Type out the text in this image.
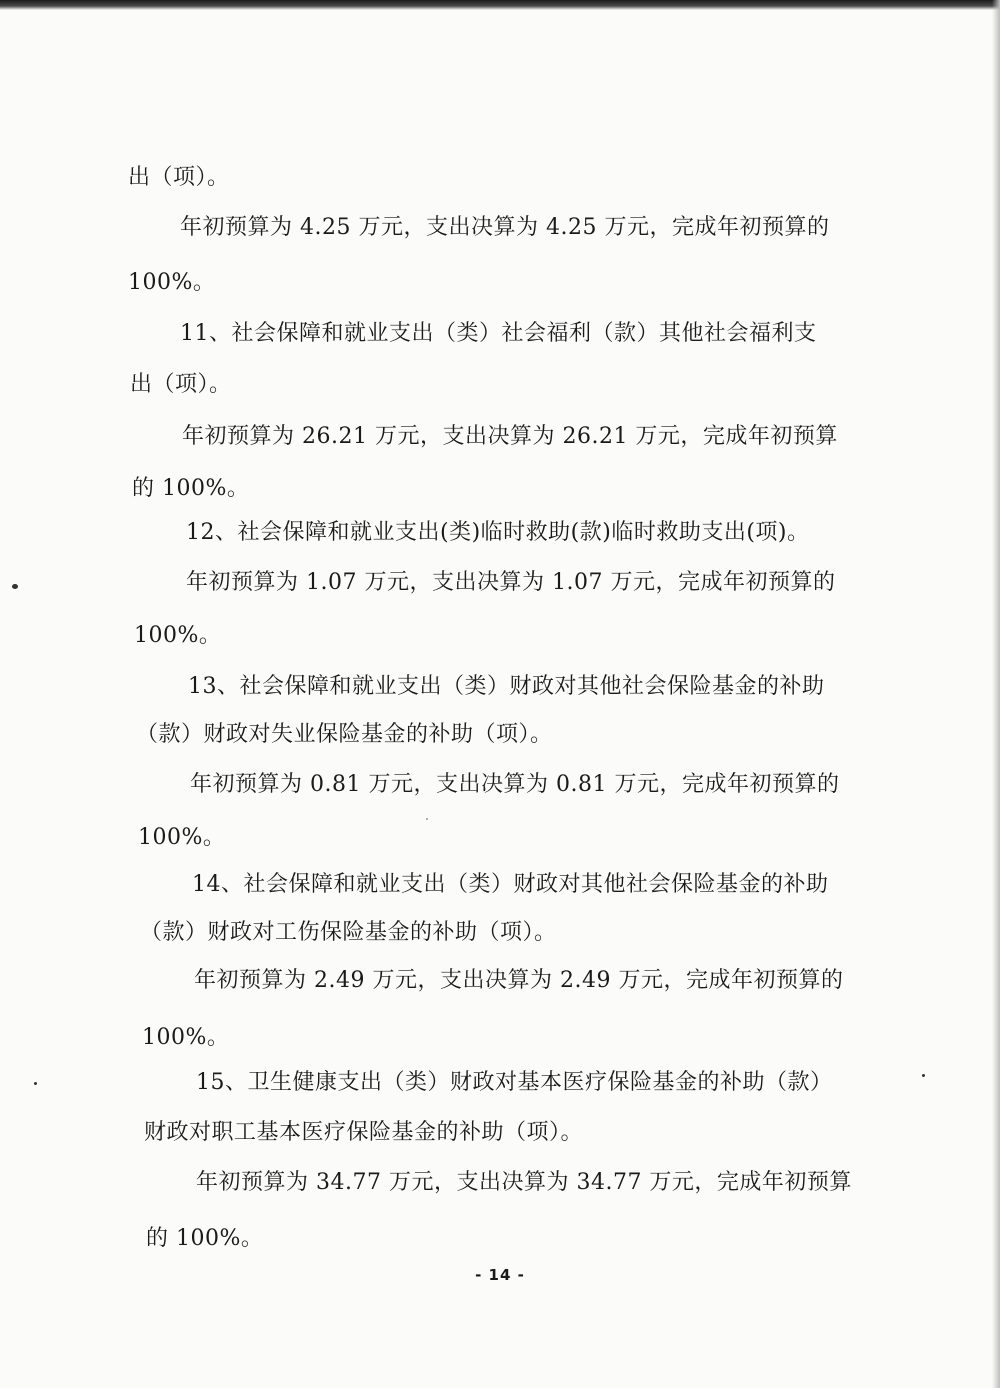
出（项）。
年初预算为 4.25 万元，支出决算为 4.25 万元，完成年初预算的
100%。
11、社会保障和就业支出（类）社会福利（款）其他社会福利支
出（项）。
年初预算为 26.21 万元，支出决算为 26.21 万元，完成年初预算
的 100%。
12、社会保障和就业支出(类)临时救助(款)临时救助支出(项)。
年初预算为 1.07 万元，支出决算为 1.07 万元，完成年初预算的
100%。
13、社会保障和就业支出（类）财政对其他社会保险基金的补助
（款）财政对失业保险基金的补助（项）。
年初预算为 0.81 万元，支出决算为 0.81 万元，完成年初预算的
100%。
14、社会保障和就业支出（类）财政对其他社会保险基金的补助
（款）财政对工伤保险基金的补助（项）。
年初预算为 2.49 万元，支出决算为 2.49 万元，完成年初预算的
100%。
15、卫生健康支出（类）财政对基本医疗保险基金的补助（款）
财政对职工基本医疗保险基金的补助（项）。
年初预算为 34.77 万元，支出决算为 34.77 万元，完成年初预算
的 100%。
- 14 -
